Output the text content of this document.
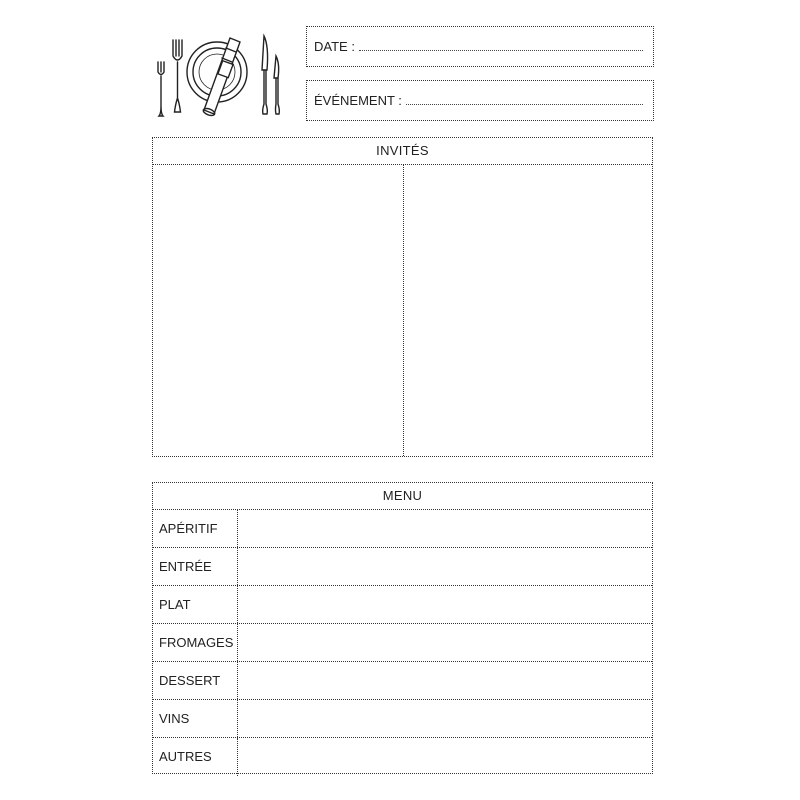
DATE :
ÉVÉNEMENT :
INVITÉS
MENU
APÉRITIF
ENTRÉE
PLAT
FROMAGES
DESSERT
VINS
AUTRES
